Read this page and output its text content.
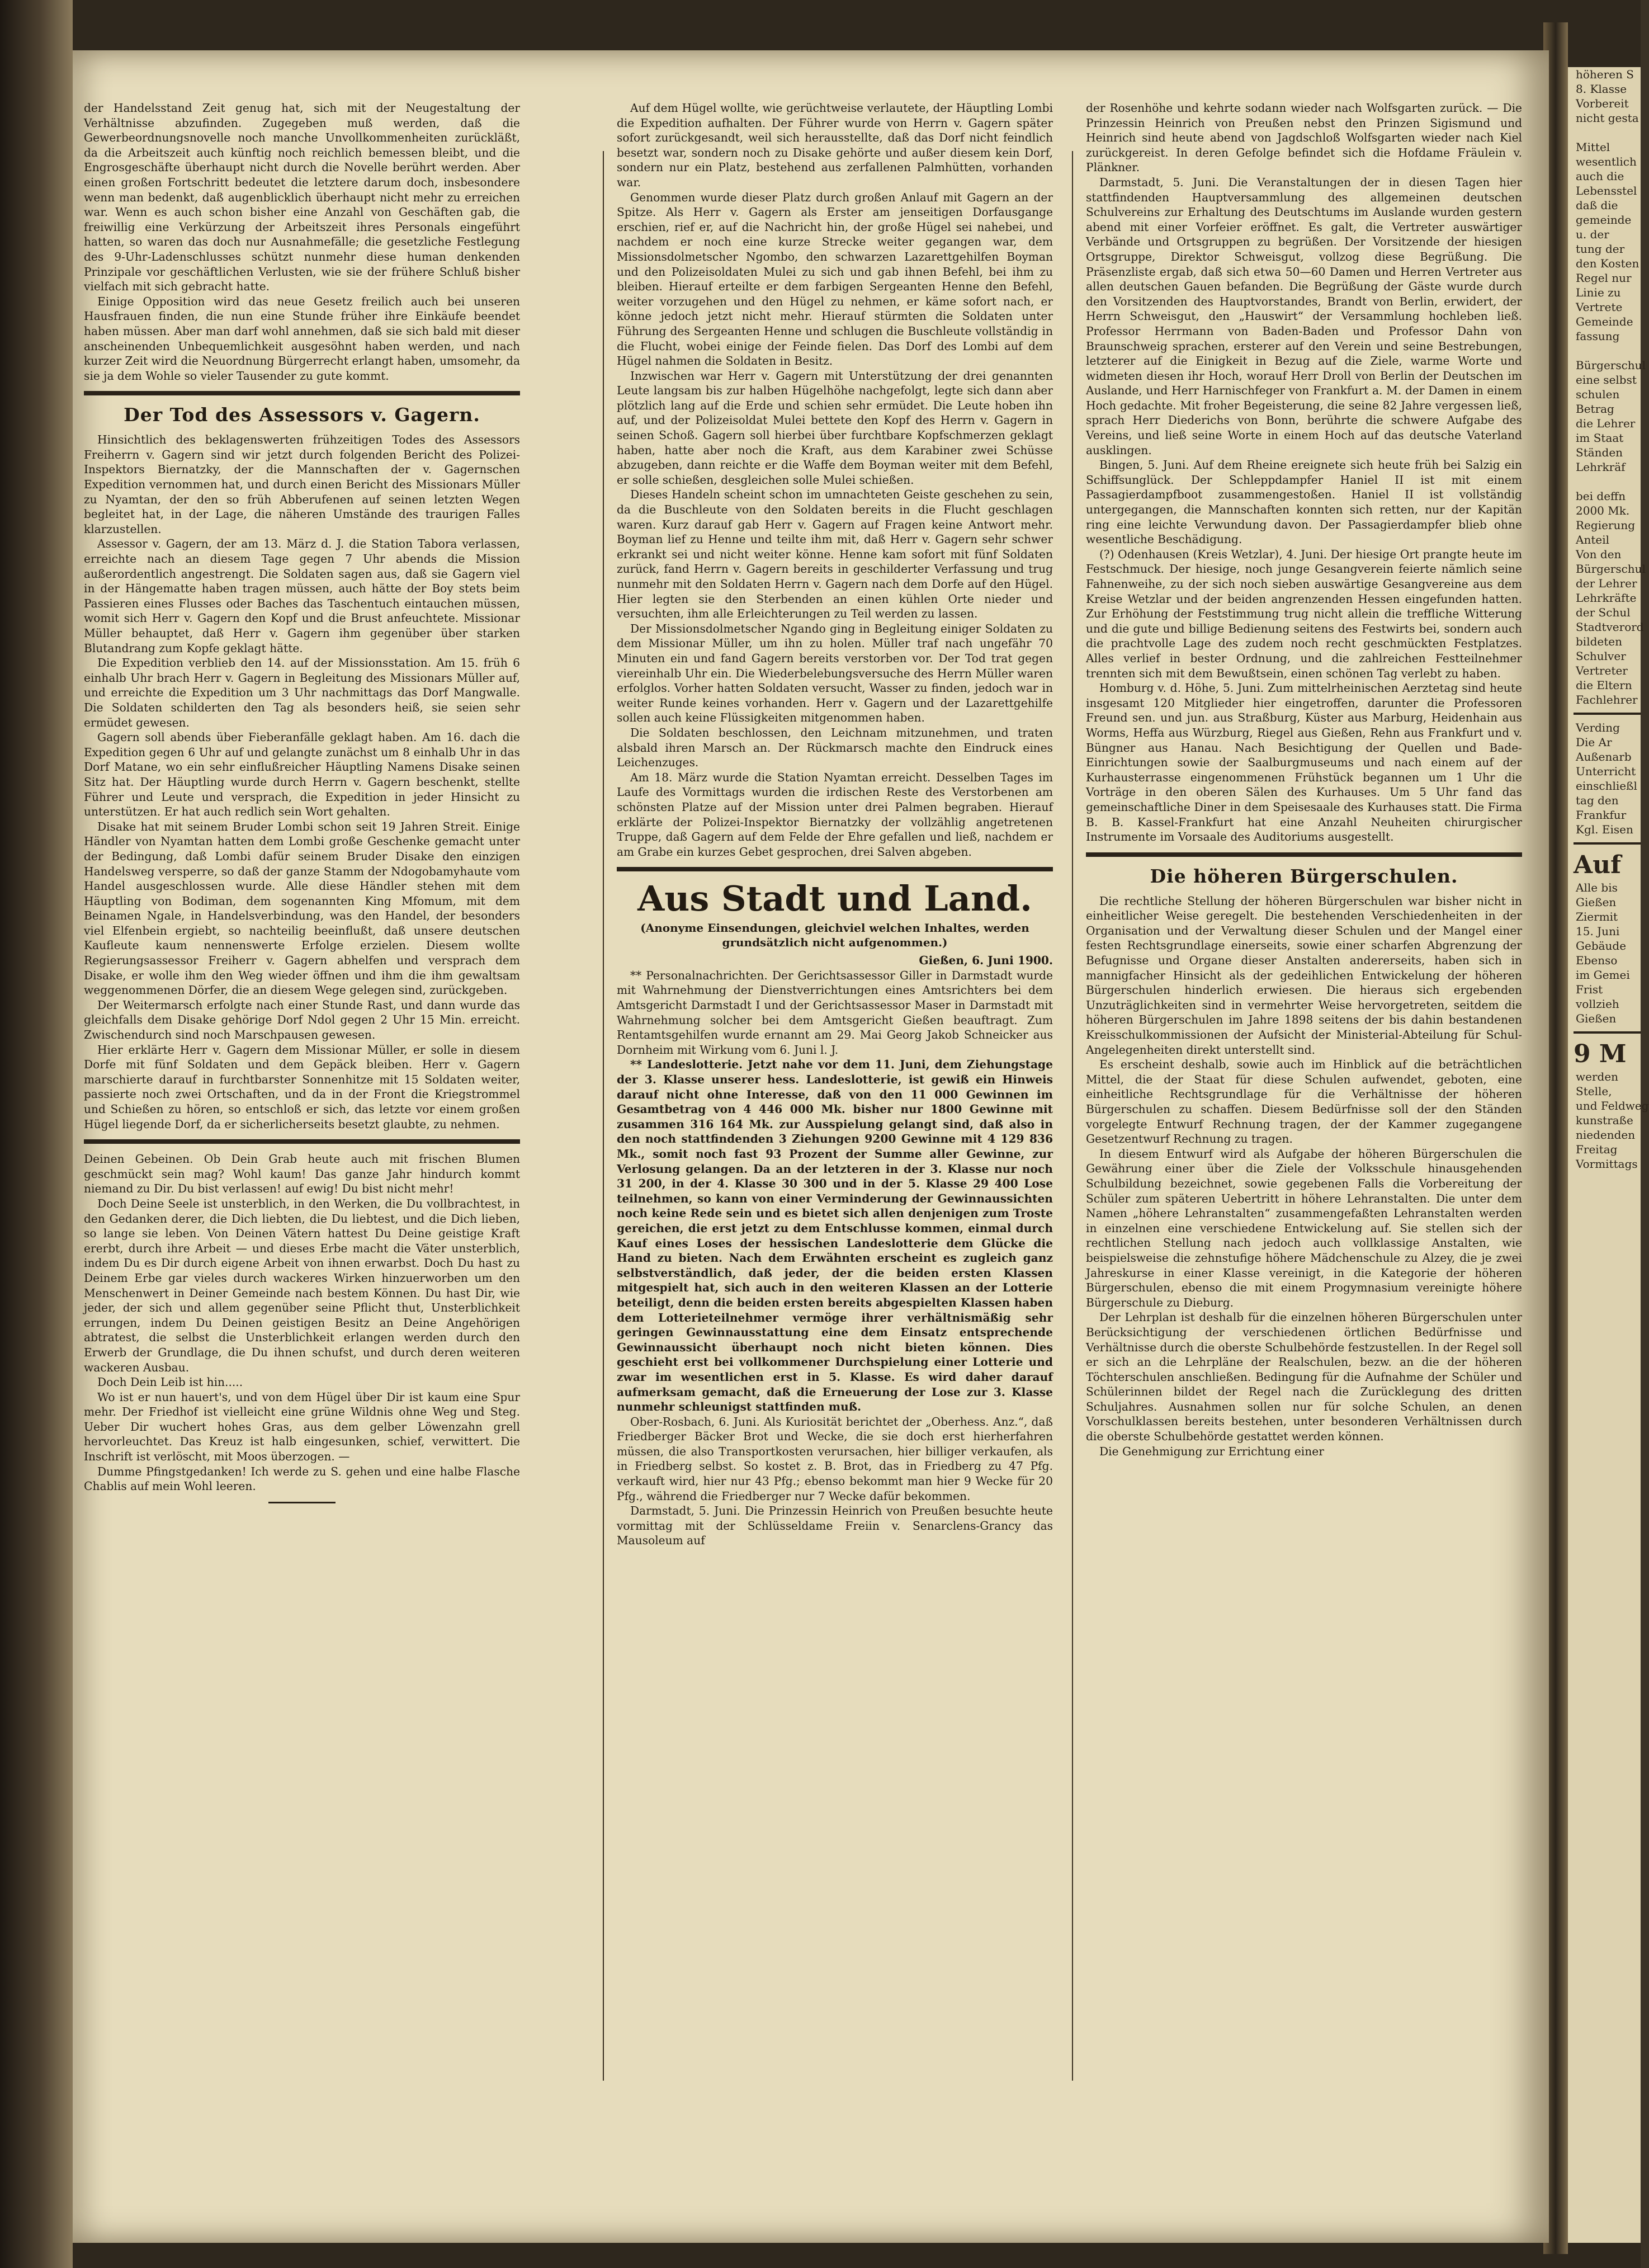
der Handelsstand Zeit genug hat, sich mit der Neugestaltung der Verhältnisse abzufinden. Zugegeben muß werden, daß die Gewerbeordnungsnovelle noch manche Unvollkommenheiten zurückläßt, da die Arbeitszeit auch künftig noch reichlich bemessen bleibt, und die Engrosgeschäfte überhaupt nicht durch die Novelle berührt werden. Aber einen großen Fortschritt bedeutet die letztere darum doch, insbesondere wenn man bedenkt, daß augenblicklich überhaupt nicht mehr zu erreichen war. Wenn es auch schon bisher eine Anzahl von Geschäften gab, die freiwillig eine Verkürzung der Arbeitszeit ihres Personals eingeführt hatten, so waren das doch nur Ausnahmefälle; die gesetzliche Festlegung des 9-Uhr-Ladenschlusses schützt nunmehr diese human denkenden Prinzipale vor geschäftlichen Verlusten, wie sie der frühere Schluß bisher vielfach mit sich gebracht hatte.

Einige Opposition wird das neue Gesetz freilich auch bei unseren Hausfrauen finden, die nun eine Stunde früher ihre Einkäufe beendet haben müssen. Aber man darf wohl annehmen, daß sie sich bald mit dieser anscheinenden Unbequemlichkeit ausgesöhnt haben werden, und nach kurzer Zeit wird die Neuordnung Bürgerrecht erlangt haben, umsomehr, da sie ja dem Wohle so vieler Tausender zu gute kommt.

Der Tod des Assessors v. Gagern.

Hinsichtlich des beklagenswerten frühzeitigen Todes des Assessors Freiherrn v. Gagern sind wir jetzt durch folgenden Bericht des Polizei-Inspektors Biernatzky, der die Mannschaften der v. Gagernschen Expedition vernommen hat, und durch einen Bericht des Missionars Müller zu Nyamtan, der den so früh Abberufenen auf seinen letzten Wegen begleitet hat, in der Lage, die näheren Umstände des traurigen Falles klarzustellen.

Assessor v. Gagern, der am 13. März d. J. die Station Tabora verlassen, erreichte nach an diesem Tage gegen 7 Uhr abends die Mission außerordentlich angestrengt. Die Soldaten sagen aus, daß sie Gagern viel in der Hängematte haben tragen müssen, auch hätte der Boy stets beim Passieren eines Flusses oder Baches das Taschentuch eintauchen müssen, womit sich Herr v. Gagern den Kopf und die Brust anfeuchtete. Missionar Müller behauptet, daß Herr v. Gagern ihm gegenüber über starken Blutandrang zum Kopfe geklagt hätte.

Die Expedition verblieb den 14. auf der Missionsstation. Am 15. früh 6 einhalb Uhr brach Herr v. Gagern in Begleitung des Missionars Müller auf, und erreichte die Expedition um 3 Uhr nachmittags das Dorf Mangwalle. Die Soldaten schilderten den Tag als besonders heiß, sie seien sehr ermüdet gewesen.

Gagern soll abends über Fieberanfälle geklagt haben. Am 16. dach die Expedition gegen 6 Uhr auf und gelangte zunächst um 8 einhalb Uhr in das Dorf Matane, wo ein sehr einflußreicher Häuptling Namens Disake seinen Sitz hat. Der Häuptling wurde durch Herrn v. Gagern beschenkt, stellte Führer und Leute und versprach, die Expedition in jeder Hinsicht zu unterstützen. Er hat auch redlich sein Wort gehalten.

Disake hat mit seinem Bruder Lombi schon seit 19 Jahren Streit. Einige Händler von Nyamtan hatten dem Lombi große Geschenke gemacht unter der Bedingung, daß Lombi dafür seinem Bruder Disake den einzigen Handelsweg versperre, so daß der ganze Stamm der Ndogobamyhaute vom Handel ausgeschlossen wurde. Alle diese Händler stehen mit dem Häuptling von Bodiman, dem sogenannten King Mfomum, mit dem Beinamen Ngale, in Handelsverbindung, was den Handel, der besonders viel Elfenbein ergiebt, so nachteilig beeinflußt, daß unsere deutschen Kaufleute kaum nennenswerte Erfolge erzielen. Diesem wollte Regierungsassessor Freiherr v. Gagern abhelfen und versprach dem Disake, er wolle ihm den Weg wieder öffnen und ihm die ihm gewaltsam weggenommenen Dörfer, die an diesem Wege gelegen sind, zurückgeben.

Der Weitermarsch erfolgte nach einer Stunde Rast, und dann wurde das gleichfalls dem Disake gehörige Dorf Ndol gegen 2 Uhr 15 Min. erreicht. Zwischendurch sind noch Marschpausen gewesen.

Hier erklärte Herr v. Gagern dem Missionar Müller, er solle in diesem Dorfe mit fünf Soldaten und dem Gepäck bleiben. Herr v. Gagern marschierte darauf in furchtbarster Sonnenhitze mit 15 Soldaten weiter, passierte noch zwei Ortschaften, und da in der Front die Kriegstrommel und Schießen zu hören, so entschloß er sich, das letzte vor einem großen Hügel liegende Dorf, da er sicherlicherseits besetzt glaubte, zu nehmen.

Deinen Gebeinen. Ob Dein Grab heute auch mit frischen Blumen geschmückt sein mag? Wohl kaum! Das ganze Jahr hindurch kommt niemand zu Dir. Du bist verlassen! auf ewig! Du bist nicht mehr!

Doch Deine Seele ist unsterblich, in den Werken, die Du vollbrachtest, in den Gedanken derer, die Dich liebten, die Du liebtest, und die Dich lieben, so lange sie leben. Von Deinen Vätern hattest Du Deine geistige Kraft ererbt, durch ihre Arbeit — und dieses Erbe macht die Väter unsterblich, indem Du es Dir durch eigene Arbeit von ihnen erwarbst. Doch Du hast zu Deinem Erbe gar vieles durch wackeres Wirken hinzuerworben um den Menschenwert in Deiner Gemeinde nach bestem Können. Du hast Dir, wie jeder, der sich und allem gegenüber seine Pflicht thut, Unsterblichkeit errungen, indem Du Deinen geistigen Besitz an Deine Angehörigen abtratest, die selbst die Unsterblichkeit erlangen werden durch den Erwerb der Grundlage, die Du ihnen schufst, und durch deren weiteren wackeren Ausbau.

Doch Dein Leib ist hin.....

Wo ist er nun hauert's, und von dem Hügel über Dir ist kaum eine Spur mehr. Der Friedhof ist vielleicht eine grüne Wildnis ohne Weg und Steg. Ueber Dir wuchert hohes Gras, aus dem gelber Löwenzahn grell hervorleuchtet. Das Kreuz ist halb eingesunken, schief, verwittert. Die Inschrift ist verlöscht, mit Moos überzogen. —

Dumme Pfingstgedanken! Ich werde zu S. gehen und eine halbe Flasche Chablis auf mein Wohl leeren.

Auf dem Hügel wollte, wie gerüchtweise verlautete, der Häuptling Lombi die Expedition aufhalten. Der Führer wurde von Herrn v. Gagern später sofort zurückgesandt, weil sich herausstellte, daß das Dorf nicht feindlich besetzt war, sondern noch zu Disake gehörte und außer diesem kein Dorf, sondern nur ein Platz, bestehend aus zerfallenen Palmhütten, vorhanden war.

Genommen wurde dieser Platz durch großen Anlauf mit Gagern an der Spitze. Als Herr v. Gagern als Erster am jenseitigen Dorfausgange erschien, rief er, auf die Nachricht hin, der große Hügel sei nahebei, und nachdem er noch eine kurze Strecke weiter gegangen war, dem Missionsdolmetscher Ngombo, den schwarzen Lazarettgehilfen Boyman und den Polizeisoldaten Mulei zu sich und gab ihnen Befehl, bei ihm zu bleiben. Hierauf erteilte er dem farbigen Sergeanten Henne den Befehl, weiter vorzugehen und den Hügel zu nehmen, er käme sofort nach, er könne jedoch jetzt nicht mehr. Hierauf stürmten die Soldaten unter Führung des Sergeanten Henne und schlugen die Buschleute vollständig in die Flucht, wobei einige der Feinde fielen. Das Dorf des Lombi auf dem Hügel nahmen die Soldaten in Besitz.

Inzwischen war Herr v. Gagern mit Unterstützung der drei genannten Leute langsam bis zur halben Hügelhöhe nachgefolgt, legte sich dann aber plötzlich lang auf die Erde und schien sehr ermüdet. Die Leute hoben ihn auf, und der Polizeisoldat Mulei bettete den Kopf des Herrn v. Gagern in seinen Schoß. Gagern soll hierbei über furchtbare Kopfschmerzen geklagt haben, hatte aber noch die Kraft, aus dem Karabiner zwei Schüsse abzugeben, dann reichte er die Waffe dem Boyman weiter mit dem Befehl, er solle schießen, desgleichen solle Mulei schießen.

Dieses Handeln scheint schon im umnachteten Geiste geschehen zu sein, da die Buschleute von den Soldaten bereits in die Flucht geschlagen waren. Kurz darauf gab Herr v. Gagern auf Fragen keine Antwort mehr. Boyman lief zu Henne und teilte ihm mit, daß Herr v. Gagern sehr schwer erkrankt sei und nicht weiter könne. Henne kam sofort mit fünf Soldaten zurück, fand Herrn v. Gagern bereits in geschilderter Verfassung und trug nunmehr mit den Soldaten Herrn v. Gagern nach dem Dorfe auf den Hügel. Hier legten sie den Sterbenden an einen kühlen Orte nieder und versuchten, ihm alle Erleichterungen zu Teil werden zu lassen.

Der Missionsdolmetscher Ngando ging in Begleitung einiger Soldaten zu dem Missionar Müller, um ihn zu holen. Müller traf nach ungefähr 70 Minuten ein und fand Gagern bereits verstorben vor. Der Tod trat gegen viereinhalb Uhr ein. Die Wiederbelebungsversuche des Herrn Müller waren erfolglos. Vorher hatten Soldaten versucht, Wasser zu finden, jedoch war in weiter Runde keines vorhanden. Herr v. Gagern und der Lazarettgehilfe sollen auch keine Flüssigkeiten mitgenommen haben.

Die Soldaten beschlossen, den Leichnam mitzunehmen, und traten alsbald ihren Marsch an. Der Rückmarsch machte den Eindruck eines Leichenzuges.

Am 18. März wurde die Station Nyamtan erreicht. Desselben Tages im Laufe des Vormittags wurden die irdischen Reste des Verstorbenen am schönsten Platze auf der Mission unter drei Palmen begraben. Hierauf erklärte der Polizei-Inspektor Biernatzky der vollzählig angetretenen Truppe, daß Gagern auf dem Felde der Ehre gefallen und ließ, nachdem er am Grabe ein kurzes Gebet gesprochen, drei Salven abgeben.

Aus Stadt und Land.
(Anonyme Einsendungen, gleichviel welchen Inhaltes, werden grundsätzlich nicht aufgenommen.)
Gießen, 6. Juni 1900.

** Personalnachrichten. Der Gerichtsassessor Giller in Darmstadt wurde mit Wahrnehmung der Dienstverrichtungen eines Amtsrichters bei dem Amtsgericht Darmstadt I und der Gerichtsassessor Maser in Darmstadt mit Wahrnehmung solcher bei dem Amtsgericht Gießen beauftragt. Zum Rentamtsgehilfen wurde ernannt am 29. Mai Georg Jakob Schneicker aus Dornheim mit Wirkung vom 6. Juni l. J.

** Landeslotterie. Jetzt nahe vor dem 11. Juni, dem Ziehungstage der 3. Klasse unserer hess. Landeslotterie, ist gewiß ein Hinweis darauf nicht ohne Interesse, daß von den 11 000 Gewinnen im Gesamtbetrag von 4 446 000 Mk. bisher nur 1800 Gewinne mit zusammen 316 164 Mk. zur Ausspielung gelangt sind, daß also in den noch stattfindenden 3 Ziehungen 9200 Gewinne mit 4 129 836 Mk., somit noch fast 93 Prozent der Summe aller Gewinne, zur Verlosung gelangen. Da an der letzteren in der 3. Klasse nur noch 31 200, in der 4. Klasse 30 300 und in der 5. Klasse 29 400 Lose teilnehmen, so kann von einer Verminderung der Gewinnaussichten noch keine Rede sein und es bietet sich allen denjenigen zum Troste gereichen, die erst jetzt zu dem Entschlusse kommen, einmal durch Kauf eines Loses der hessischen Landeslotterie dem Glücke die Hand zu bieten. Nach dem Erwähnten erscheint es zugleich ganz selbstverständlich, daß jeder, der die beiden ersten Klassen mitgespielt hat, sich auch in den weiteren Klassen an der Lotterie beteiligt, denn die beiden ersten bereits abgespielten Klassen haben dem Lotterieteilnehmer vermöge ihrer verhältnismäßig sehr geringen Gewinnausstattung eine dem Einsatz entsprechende Gewinnaussicht überhaupt noch nicht bieten können. Dies geschieht erst bei vollkommener Durchspielung einer Lotterie und zwar im wesentlichen erst in 5. Klasse. Es wird daher darauf aufmerksam gemacht, daß die Erneuerung der Lose zur 3. Klasse nunmehr schleunigst stattfinden muß.

Ober-Rosbach, 6. Juni. Als Kuriosität berichtet der „Oberhess. Anz.“, daß Friedberger Bäcker Brot und Wecke, die sie doch erst hierherfahren müssen, die also Transportkosten verursachen, hier billiger verkaufen, als in Friedberg selbst. So kostet z. B. Brot, das in Friedberg zu 47 Pfg. verkauft wird, hier nur 43 Pfg.; ebenso bekommt man hier 9 Wecke für 20 Pfg., während die Friedberger nur 7 Wecke dafür bekommen.

Darmstadt, 5. Juni. Die Prinzessin Heinrich von Preußen besuchte heute vormittag mit der Schlüsseldame Freiin v. Senarclens-Grancy das Mausoleum auf

der Rosenhöhe und kehrte sodann wieder nach Wolfsgarten zurück. — Die Prinzessin Heinrich von Preußen nebst den Prinzen Sigismund und Heinrich sind heute abend von Jagdschloß Wolfsgarten wieder nach Kiel zurückgereist. In deren Gefolge befindet sich die Hofdame Fräulein v. Plänkner.

Darmstadt, 5. Juni. Die Veranstaltungen der in diesen Tagen hier stattfindenden Hauptversammlung des allgemeinen deutschen Schulvereins zur Erhaltung des Deutschtums im Auslande wurden gestern abend mit einer Vorfeier eröffnet. Es galt, die Vertreter auswärtiger Verbände und Ortsgruppen zu begrüßen. Der Vorsitzende der hiesigen Ortsgruppe, Direktor Schweisgut, vollzog diese Begrüßung. Die Präsenzliste ergab, daß sich etwa 50—60 Damen und Herren Vertreter aus allen deutschen Gauen befanden. Die Begrüßung der Gäste wurde durch den Vorsitzenden des Hauptvorstandes, Brandt von Berlin, erwidert, der Herrn Schweisgut, den „Hauswirt“ der Versammlung hochleben ließ. Professor Herrmann von Baden-Baden und Professor Dahn von Braunschweig sprachen, ersterer auf den Verein und seine Bestrebungen, letzterer auf die Einigkeit in Bezug auf die Ziele, warme Worte und widmeten diesen ihr Hoch, worauf Herr Droll von Berlin der Deutschen im Auslande, und Herr Harnischfeger von Frankfurt a. M. der Damen in einem Hoch gedachte. Mit froher Begeisterung, die seine 82 Jahre vergessen ließ, sprach Herr Diederichs von Bonn, berührte die schwere Aufgabe des Vereins, und ließ seine Worte in einem Hoch auf das deutsche Vaterland ausklingen.

Bingen, 5. Juni. Auf dem Rheine ereignete sich heute früh bei Salzig ein Schiffsunglück. Der Schleppdampfer Haniel II ist mit einem Passagierdampfboot zusammengestoßen. Haniel II ist vollständig untergegangen, die Mannschaften konnten sich retten, nur der Kapitän ring eine leichte Verwundung davon. Der Passagierdampfer blieb ohne wesentliche Beschädigung.

(?) Odenhausen (Kreis Wetzlar), 4. Juni. Der hiesige Ort prangte heute im Festschmuck. Der hiesige, noch junge Gesangverein feierte nämlich seine Fahnenweihe, zu der sich noch sieben auswärtige Gesangvereine aus dem Kreise Wetzlar und der beiden angrenzenden Hessen eingefunden hatten. Zur Erhöhung der Feststimmung trug nicht allein die treffliche Witterung und die gute und billige Bedienung seitens des Festwirts bei, sondern auch die prachtvolle Lage des zudem noch recht geschmückten Festplatzes. Alles verlief in bester Ordnung, und die zahlreichen Festteilnehmer trennten sich mit dem Bewußtsein, einen schönen Tag verlebt zu haben.

Homburg v. d. Höhe, 5. Juni. Zum mittelrheinischen Aerztetag sind heute insgesamt 120 Mitglieder hier eingetroffen, darunter die Professoren Freund sen. und jun. aus Straßburg, Küster aus Marburg, Heidenhain aus Worms, Heffa aus Würzburg, Riegel aus Gießen, Rehn aus Frankfurt und v. Büngner aus Hanau. Nach Besichtigung der Quellen und Bade-Einrichtungen sowie der Saalburgmuseums und nach einem auf der Kurhausterrasse eingenommenen Frühstück begannen um 1 Uhr die Vorträge in den oberen Sälen des Kurhauses. Um 5 Uhr fand das gemeinschaftliche Diner in dem Speisesaale des Kurhauses statt. Die Firma B. B. Kassel-Frankfurt hat eine Anzahl Neuheiten chirurgischer Instrumente im Vorsaale des Auditoriums ausgestellt.

Die höheren Bürgerschulen.

Die rechtliche Stellung der höheren Bürgerschulen war bisher nicht in einheitlicher Weise geregelt. Die bestehenden Verschiedenheiten in der Organisation und der Verwaltung dieser Schulen und der Mangel einer festen Rechtsgrundlage einerseits, sowie einer scharfen Abgrenzung der Befugnisse und Organe dieser Anstalten andererseits, haben sich in mannigfacher Hinsicht als der gedeihlichen Entwickelung der höheren Bürgerschulen hinderlich erwiesen. Die hieraus sich ergebenden Unzuträglichkeiten sind in vermehrter Weise hervorgetreten, seitdem die höheren Bürgerschulen im Jahre 1898 seitens der bis dahin bestandenen Kreisschulkommissionen der Aufsicht der Ministerial-Abteilung für Schul-Angelegenheiten direkt unterstellt sind.

Es erscheint deshalb, sowie auch im Hinblick auf die beträchtlichen Mittel, die der Staat für diese Schulen aufwendet, geboten, eine einheitliche Rechtsgrundlage für die Verhältnisse der höheren Bürgerschulen zu schaffen. Diesem Bedürfnisse soll der den Ständen vorgelegte Entwurf Rechnung tragen, der der Kammer zugegangene Gesetzentwurf Rechnung zu tragen.

In diesem Entwurf wird als Aufgabe der höheren Bürgerschulen die Gewährung einer über die Ziele der Volksschule hinausgehenden Schulbildung bezeichnet, sowie gegebenen Falls die Vorbereitung der Schüler zum späteren Uebertritt in höhere Lehranstalten. Die unter dem Namen „höhere Lehranstalten“ zusammengefaßten Lehranstalten werden in einzelnen eine verschiedene Entwickelung auf. Sie stellen sich der rechtlichen Stellung nach jedoch auch vollklassige Anstalten, wie beispielsweise die zehnstufige höhere Mädchenschule zu Alzey, die je zwei Jahreskurse in einer Klasse vereinigt, in die Kategorie der höheren Bürgerschulen, ebenso die mit einem Progymnasium vereinigte höhere Bürgerschule zu Dieburg.

Der Lehrplan ist deshalb für die einzelnen höheren Bürgerschulen unter Berücksichtigung der verschiedenen örtlichen Bedürfnisse und Verhältnisse durch die oberste Schulbehörde festzustellen. In der Regel soll er sich an die Lehrpläne der Realschulen, bezw. an die der höheren Töchterschulen anschließen. Bedingung für die Aufnahme der Schüler und Schülerinnen bildet der Regel nach die Zurücklegung des dritten Schuljahres. Ausnahmen sollen nur für solche Schulen, an denen Vorschulklassen bereits bestehen, unter besonderen Verhältnissen durch die oberste Schulbehörde gestattet werden können.

Die Genehmigung zur Errichtung einer

höheren S
8. Klasse
Vorbereit
nicht gesta

Mittel
wesentlich
auch die
Lebensstel
daß die
gemeinde
u. der
tung der
den Kosten
Regel nur
Linie zu
Vertrete
Gemeinde
fassung

Bürgerschul
eine selbst
schulen
Betrag
die Lehrer
im Staat
Ständen
Lehrkräf

bei deffn
2000 Mk.
Regierung
Anteil
Von den
Bürgerschul
der Lehrer
Lehrkräfte
der Schul
Stadtverord
bildeten
Schulver
Vertreter
die Eltern
Fachlehrer
Verding
Die Ar
Außenarb
Unterricht
einschließl
tag den
Frankfur
Kgl. Eisen
Auf
Alle bis
Gießen
Ziermit
15. Juni
Gebäude
Ebenso
im Gemei
Frist
vollzieh
Gießen
9 M
werden
Stelle,
und Feldweg
kunstraße
niedenden
Freitag
Vormittags
